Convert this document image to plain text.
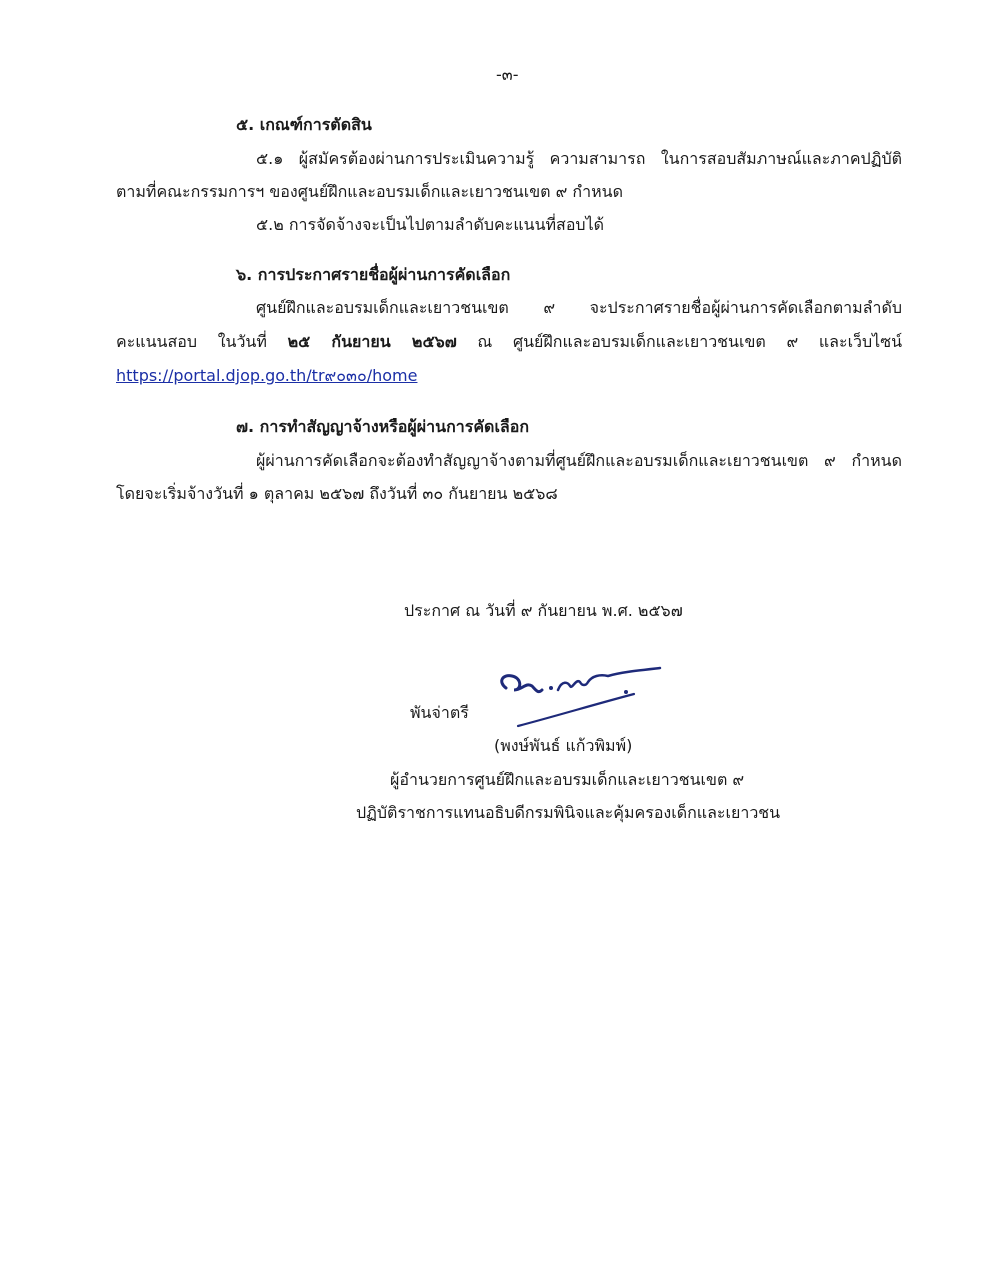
-๓-
๕. เกณฑ์การตัดสิน
๕.๑ ผู้สมัครต้องผ่านการประเมินความรู้ ความสามารถ ในการสอบสัมภาษณ์และภาคปฏิบัติ
ตามที่คณะกรรมการฯ ของศูนย์ฝึกและอบรมเด็กและเยาวชนเขต ๙ กำหนด
๕.๒ การจัดจ้างจะเป็นไปตามลำดับคะแนนที่สอบได้
๖. การประกาศรายชื่อผู้ผ่านการคัดเลือก
ศูนย์ฝึกและอบรมเด็กและเยาวชนเขต ๙ จะประกาศรายชื่อผู้ผ่านการคัดเลือกตามลำดับ
คะแนนสอบ ในวันที่ ๒๕ กันยายน ๒๕๖๗ ณ ศูนย์ฝึกและอบรมเด็กและเยาวชนเขต ๙ และเว็บไซน์
https://portal.djop.go.th/tr๙๐๓๐/home
๗. การทำสัญญาจ้างหรือผู้ผ่านการคัดเลือก
ผู้ผ่านการคัดเลือกจะต้องทำสัญญาจ้างตามที่ศูนย์ฝึกและอบรมเด็กและเยาวชนเขต ๙ กำหนด
โดยจะเริ่มจ้างวันที่ ๑ ตุลาคม ๒๕๖๗ ถึงวันที่ ๓๐ กันยายน ๒๕๖๘
ประกาศ ณ วันที่ ๙ กันยายน พ.ศ. ๒๕๖๗
พันจ่าตรี
(พงษ์พันธ์ แก้วพิมพ์)
ผู้อำนวยการศูนย์ฝึกและอบรมเด็กและเยาวชนเขต ๙
ปฏิบัติราชการแทนอธิบดีกรมพินิจและคุ้มครองเด็กและเยาวชน
